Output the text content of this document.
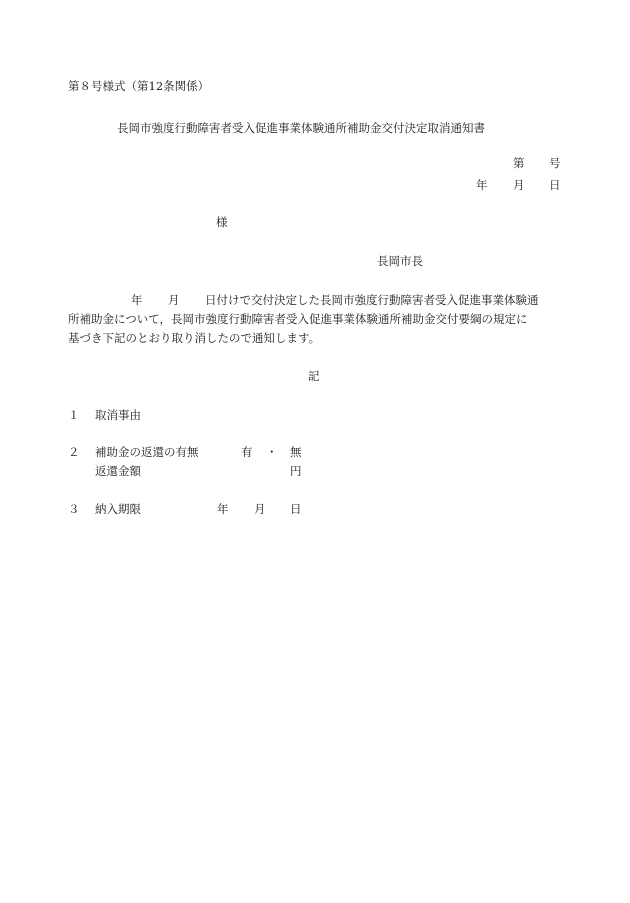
第８号様式（第12条関係）
長岡市強度行動障害者受入促進事業体験通所補助金交付決定取消通知書
第 号
年 月 日
様
長岡市長
年 月 日付けで交付決定した長岡市強度行動障害者受入促進事業体験通
所補助金について，長岡市強度行動障害者受入促進事業体験通所補助金交付要綱の規定に
基づき下記のとおり取り消したので通知します。
記
１ 取消事由
２ 補助金の返還の有無	有 ・ 無
返還金額	円
３ 納入期限	年 月 日
